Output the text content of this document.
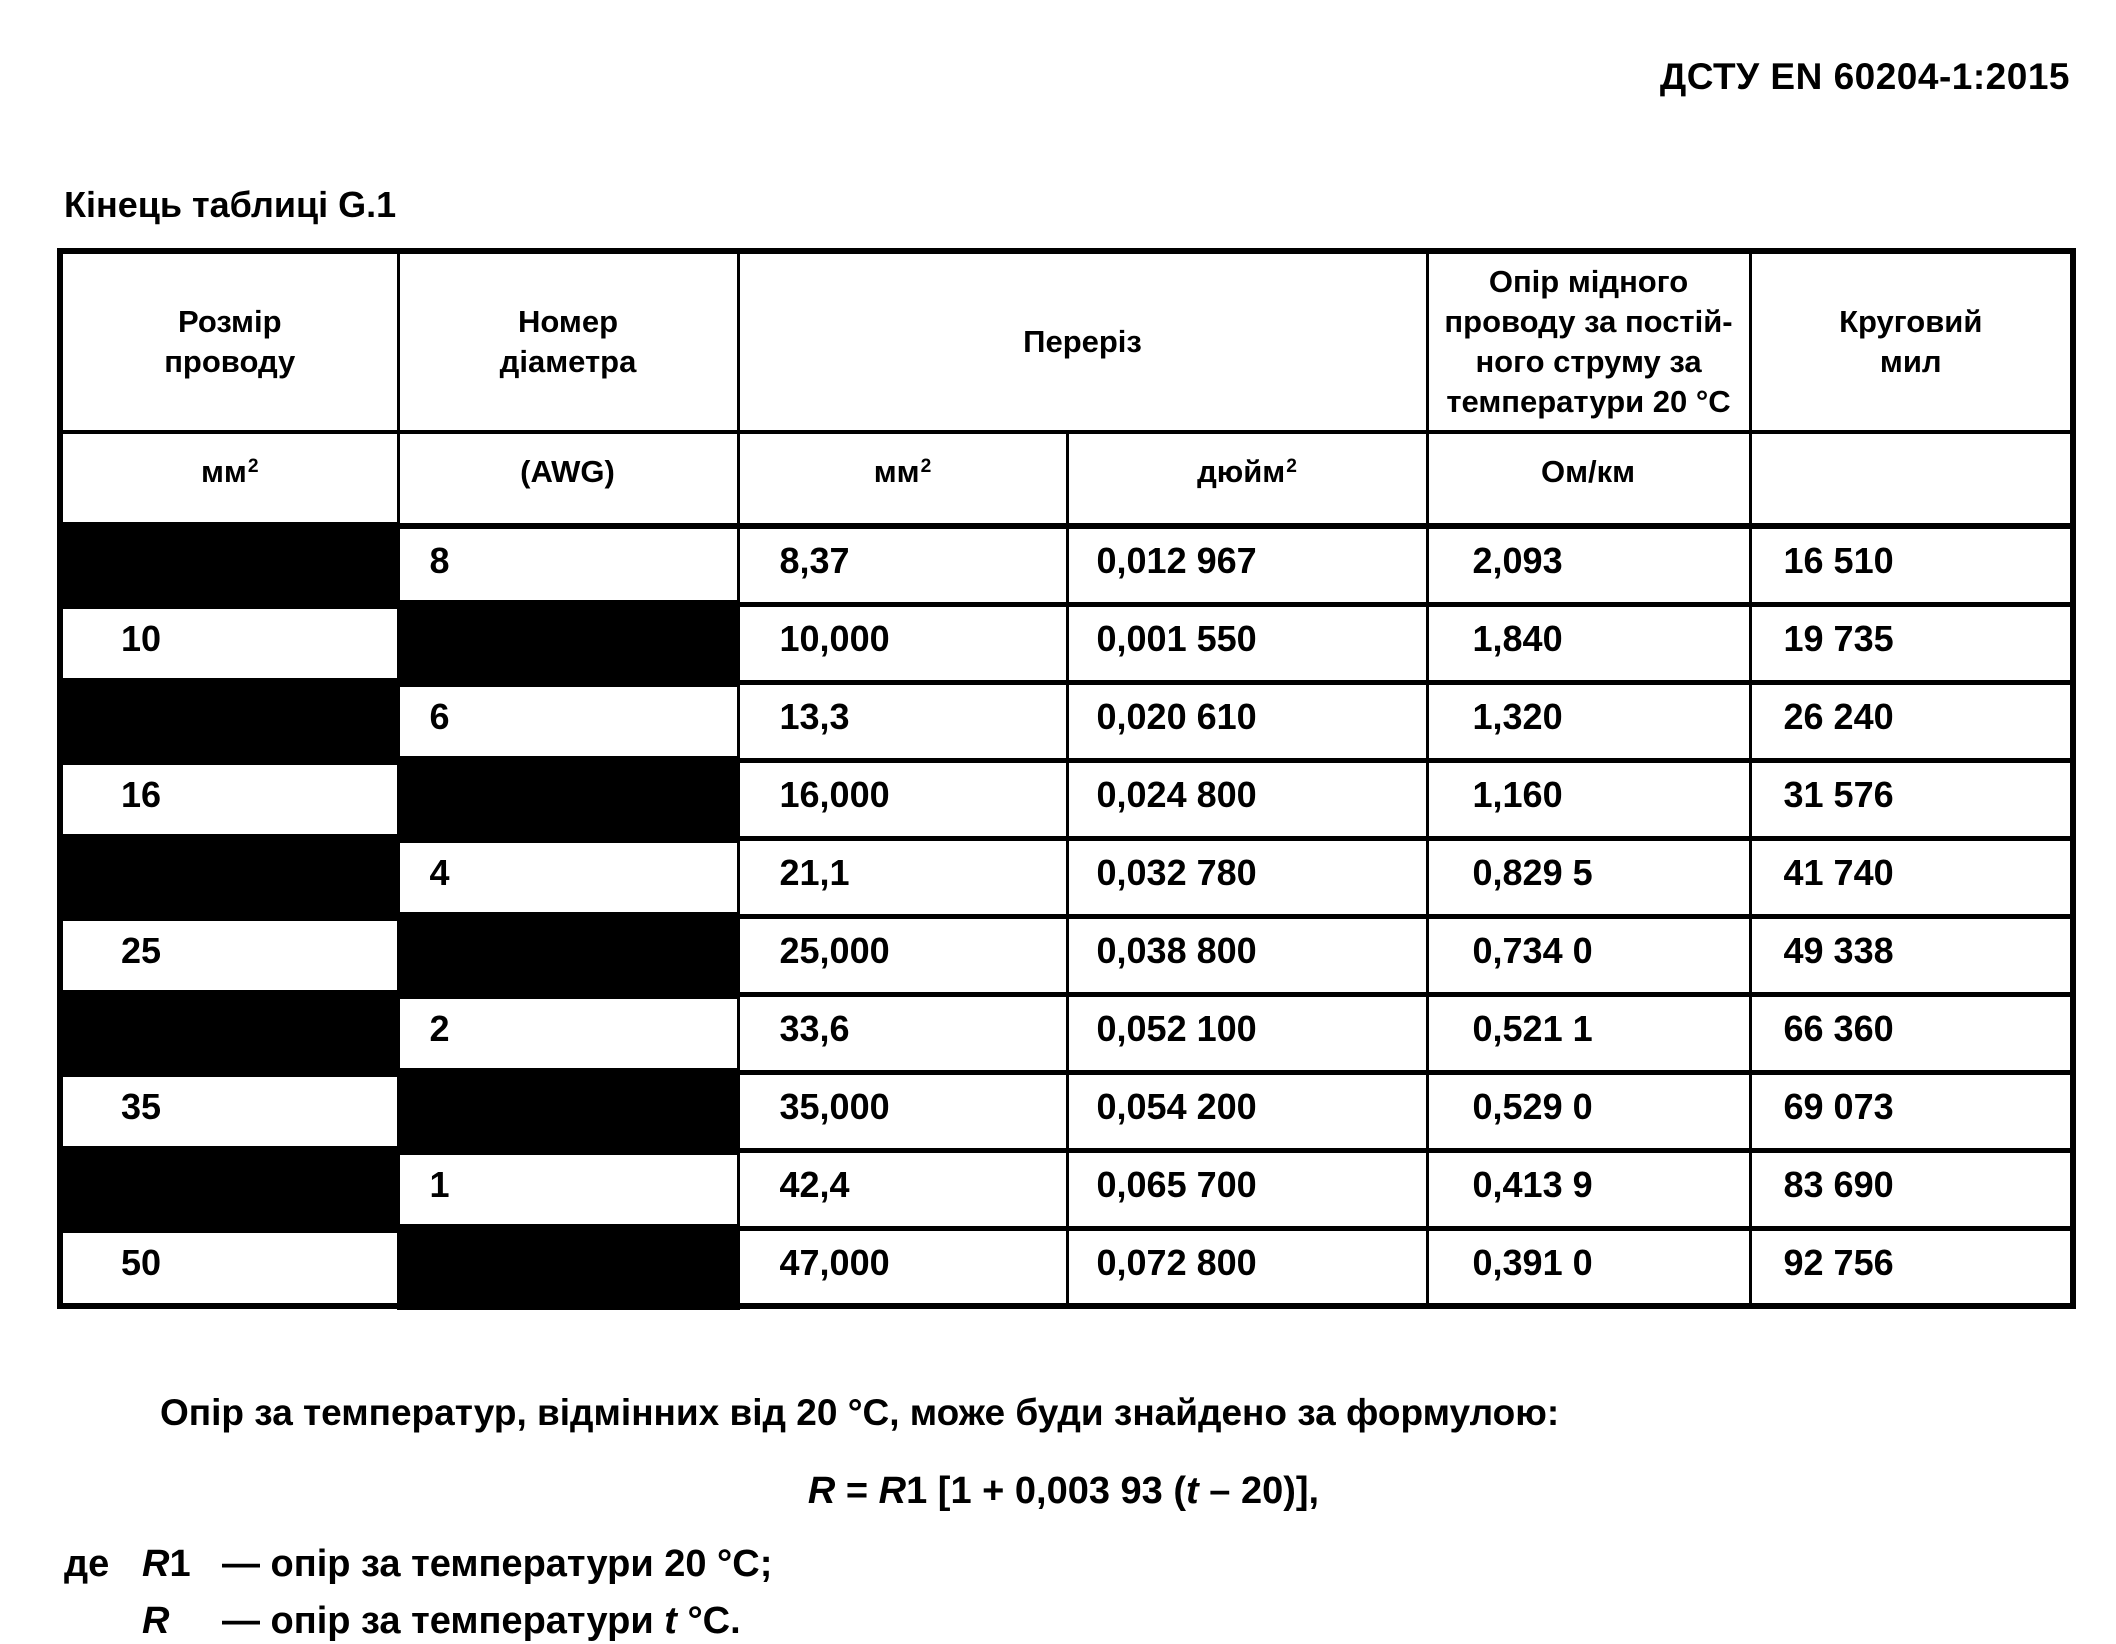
ДСТУ EN 60204-1:2015
Кінець таблиці G.1
Розмір
проводу	Номер
діаметра	Переріз		Опір мідного
проводу за постій-
ного струму за
температури 20 °С	Круговий
мил
$мм^2$	(AWG)	$мм^2$	дюйм$^2$	Ом/км	

	8	8,37	0,012 967	2,093	16 510

10		10,000	0,001 550	1,840	19 735

	6	13,3	0,020 610	1,320	26 240

16		16,000	0,024 800	1,160	31 576

	4	21,1	0,032 780	0,829 5	41 740

25		25,000	0,038 800	0,734 0	49 338

	2	33,6	0,052 100	0,521 1	66 360

35		35,000	0,054 200	0,529 0	69 073

	1	42,4	0,065 700	0,413 9	83 690

50		47,000	0,072 800	0,391 0	92 756
Опір за температур, відмінних від 20 °С, може буди знайдено за формулою:
R = R1 [1 + 0,003 93 (t – 20)],
де R1 — опір за температури 20 °С;
R	— опір за температури t °С.
